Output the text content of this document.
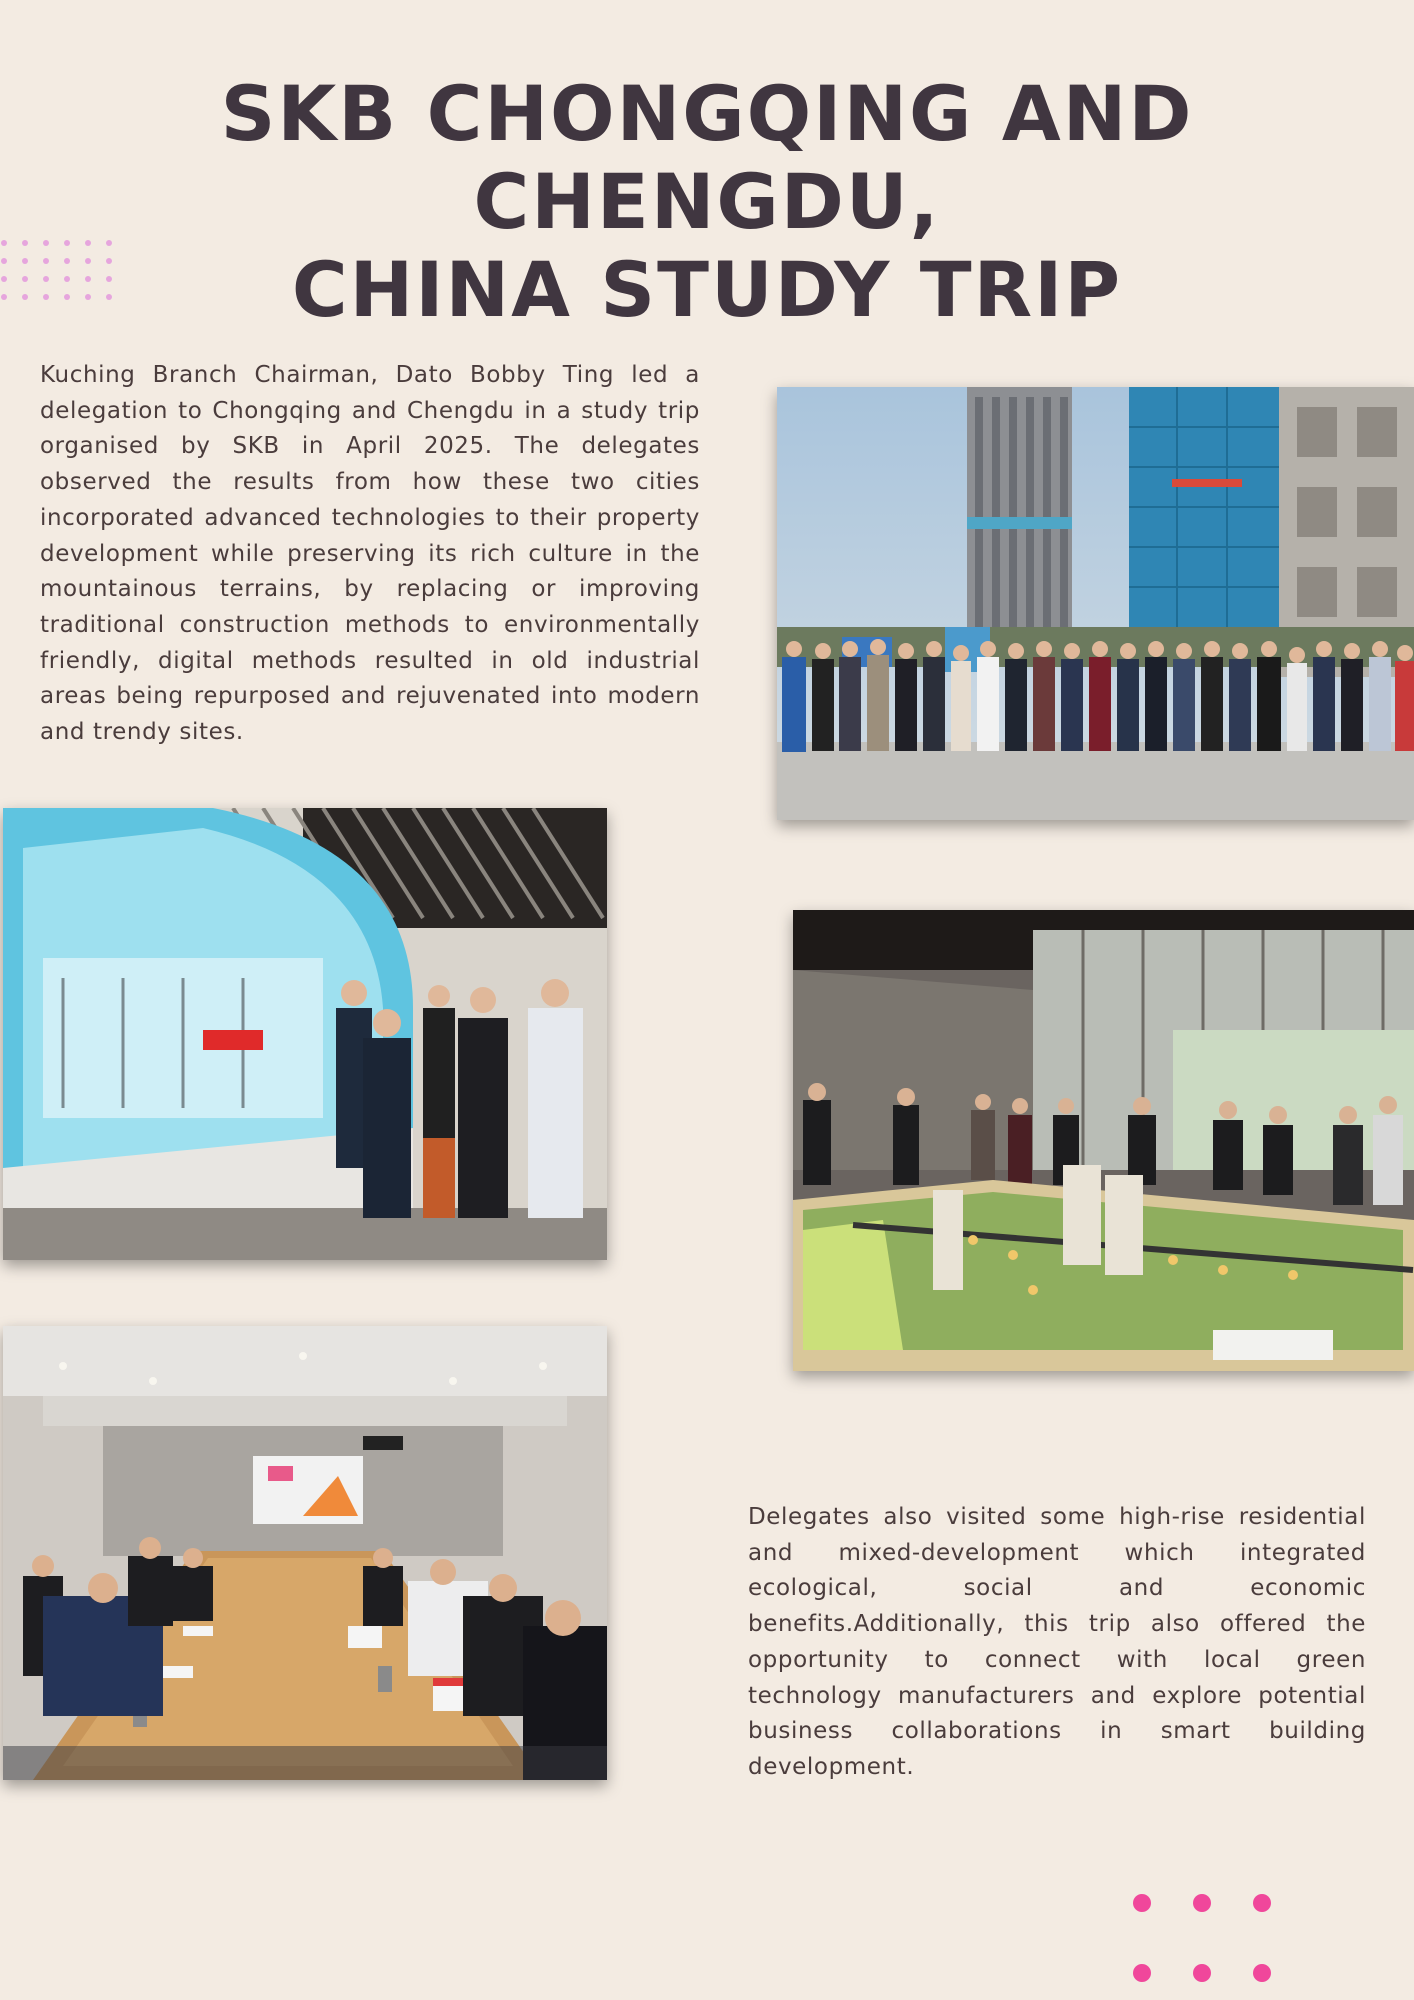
SKB CHONGQING AND CHENGDU,
CHINA STUDY TRIP

Kuching Branch Chairman, Dato Bobby Ting led a delegation to Chongqing and Chengdu in a study trip organised by SKB in April 2025. The delegates observed the results from how these two cities incorporated advanced technologies to their property development while preserving its rich culture in the mountainous terrains, by replacing or improving traditional construction methods to environmentally friendly, digital methods resulted in old industrial areas being repurposed and rejuvenated into modern and trendy sites.

Delegates also visited some high-rise residential and mixed-development which integrated ecological, social and economic benefits.Additionally, this trip also offered the opportunity to connect with local green technology manufacturers and explore potential business collaborations in smart building development.
